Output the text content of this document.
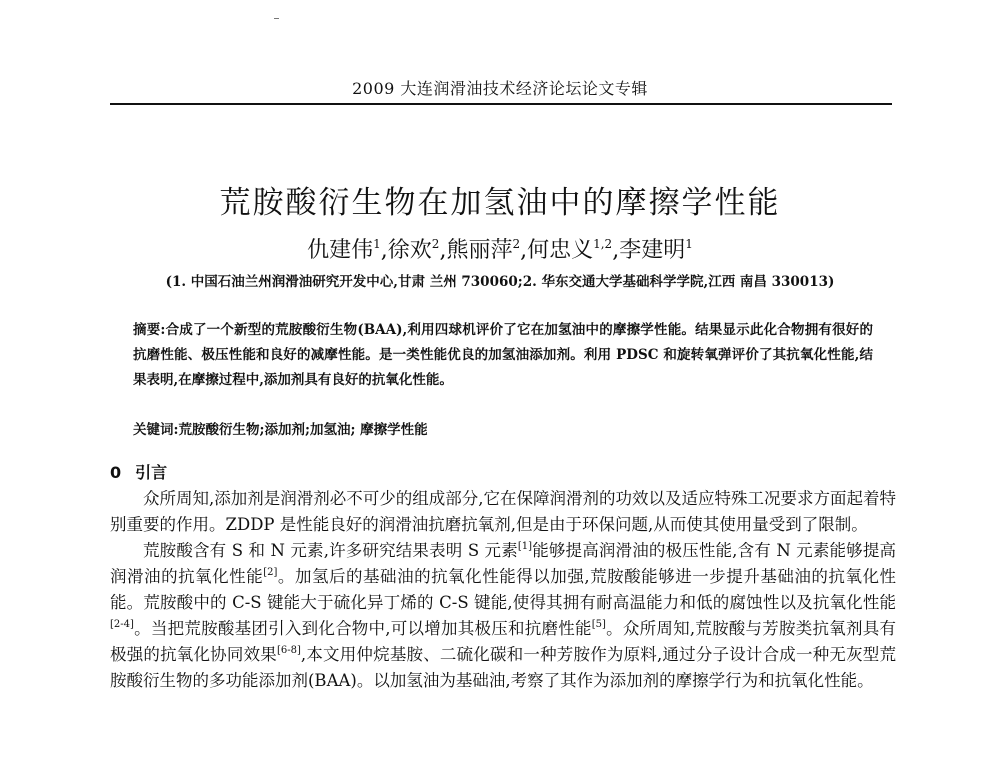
2009 大连润滑油技术经济论坛论文专辑
荒胺酸衍生物在加氢油中的摩擦学性能
仇建伟$^1$,徐欢$^2$,熊丽萍$^2$,何忠义$^{1,2}$,李建明$^1$
(1. 中国石油兰州润滑油研究开发中心,甘肃 兰州 730060;2. 华东交通大学基础科学学院,江西 南昌 330013)
摘要:合成了一个新型的荒胺酸衍生物(BAA),利用四球机评价了它在加氢油中的摩擦学性能。结果显示此化合物拥有很好的抗磨性能、极压性能和良好的减摩性能。是一类性能优良的加氢油添加剂。利用 PDSC 和旋转氧弹评价了其抗氧化性能,结果表明,在摩擦过程中,添加剂具有良好的抗氧化性能。
关键词:荒胺酸衍生物;添加剂;加氢油; 摩擦学性能
0 引言

众所周知,添加剂是润滑剂必不可少的组成部分,它在保障润滑剂的功效以及适应特殊工况要求方面起着特别重要的作用。ZDDP 是性能良好的润滑油抗磨抗氧剂,但是由于环保问题,从而使其使用量受到了限制。

荒胺酸含有 S 和 N 元素,许多研究结果表明 S 元素[1]能够提高润滑油的极压性能,含有 N 元素能够提高润滑油的抗氧化性能[2]。加氢后的基础油的抗氧化性能得以加强,荒胺酸能够进一步提升基础油的抗氧化性能。荒胺酸中的 C-S 键能大于硫化异丁烯的 C-S 键能,使得其拥有耐高温能力和低的腐蚀性以及抗氧化性能[2-4]。当把荒胺酸基团引入到化合物中,可以增加其极压和抗磨性能[5]。众所周知,荒胺酸与芳胺类抗氧剂具有极强的抗氧化协同效果[6-8],本文用仲烷基胺、二硫化碳和一种芳胺作为原料,通过分子设计合成一种无灰型荒胺酸衍生物的多功能添加剂(BAA)。以加氢油为基础油,考察了其作为添加剂的摩擦学行为和抗氧化性能。
